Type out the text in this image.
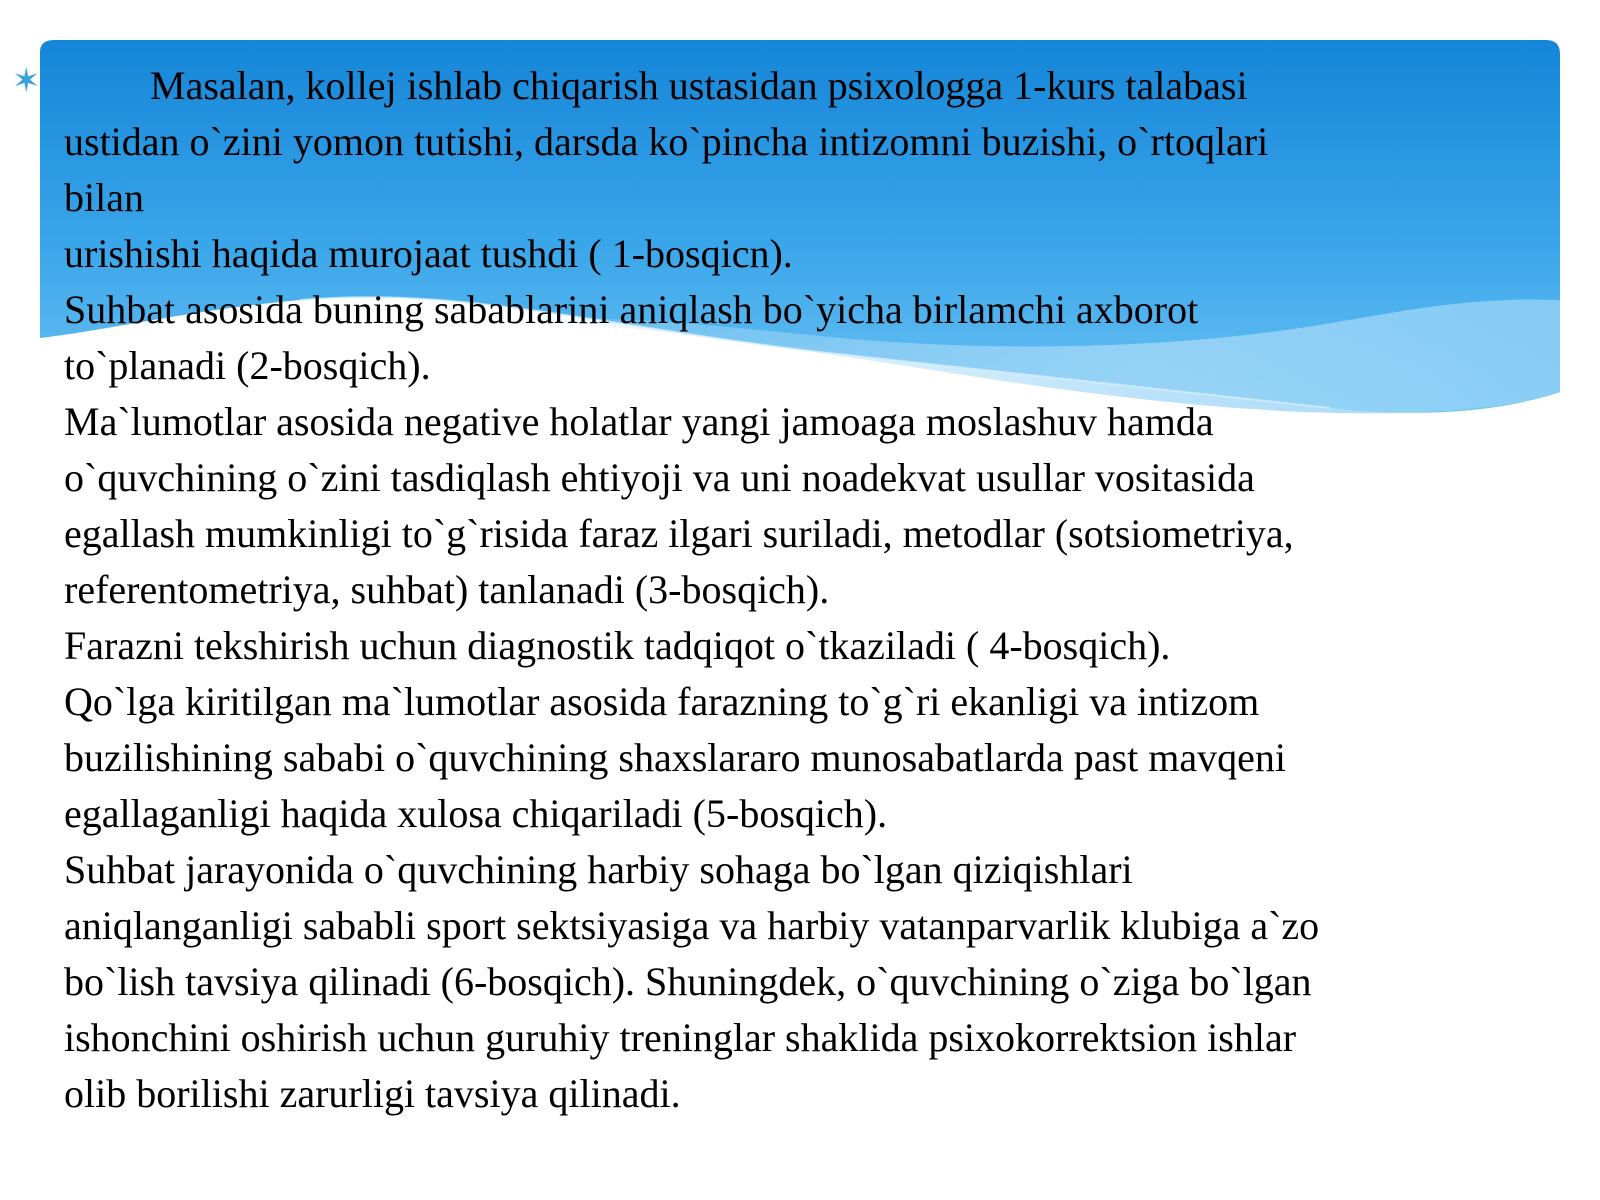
✶	Masalan, kollej ishlab chiqarish ustasidan psixologga 1-kurs talabasi
ustidan o`zini yomon tutishi, darsda ko`pincha intizomni buzishi, o`rtoqlari
bilan
urishishi haqida murojaat tushdi ( 1-bosqicn).
Suhbat asosida buning sabablarini aniqlash bo`yicha birlamchi axborot
to`planadi (2-bosqich).
Ma`lumotlar asosida negative holatlar yangi jamoaga moslashuv hamda
o`quvchining o`zini tasdiqlash ehtiyoji va uni noadekvat usullar vositasida
egallash mumkinligi to`g`risida faraz ilgari suriladi, metodlar (sotsiometriya,
referentometriya, suhbat) tanlanadi (3-bosqich).
Farazni tekshirish uchun diagnostik tadqiqot o`tkaziladi ( 4-bosqich).
Qo`lga kiritilgan ma`lumotlar asosida farazning to`g`ri ekanligi va intizom
buzilishining sababi o`quvchining shaxslararo munosabatlarda past mavqeni
egallaganligi haqida xulosa chiqariladi (5-bosqich).
Suhbat jarayonida o`quvchining harbiy sohaga bo`lgan qiziqishlari
aniqlanganligi sababli sport sektsiyasiga va harbiy vatanparvarlik klubiga a`zo
bo`lish tavsiya qilinadi (6-bosqich). Shuningdek, o`quvchining o`ziga bo`lgan
ishonchini oshirish uchun guruhiy treninglar shaklida psixokorrektsion ishlar
olib borilishi zarurligi tavsiya qilinadi.
